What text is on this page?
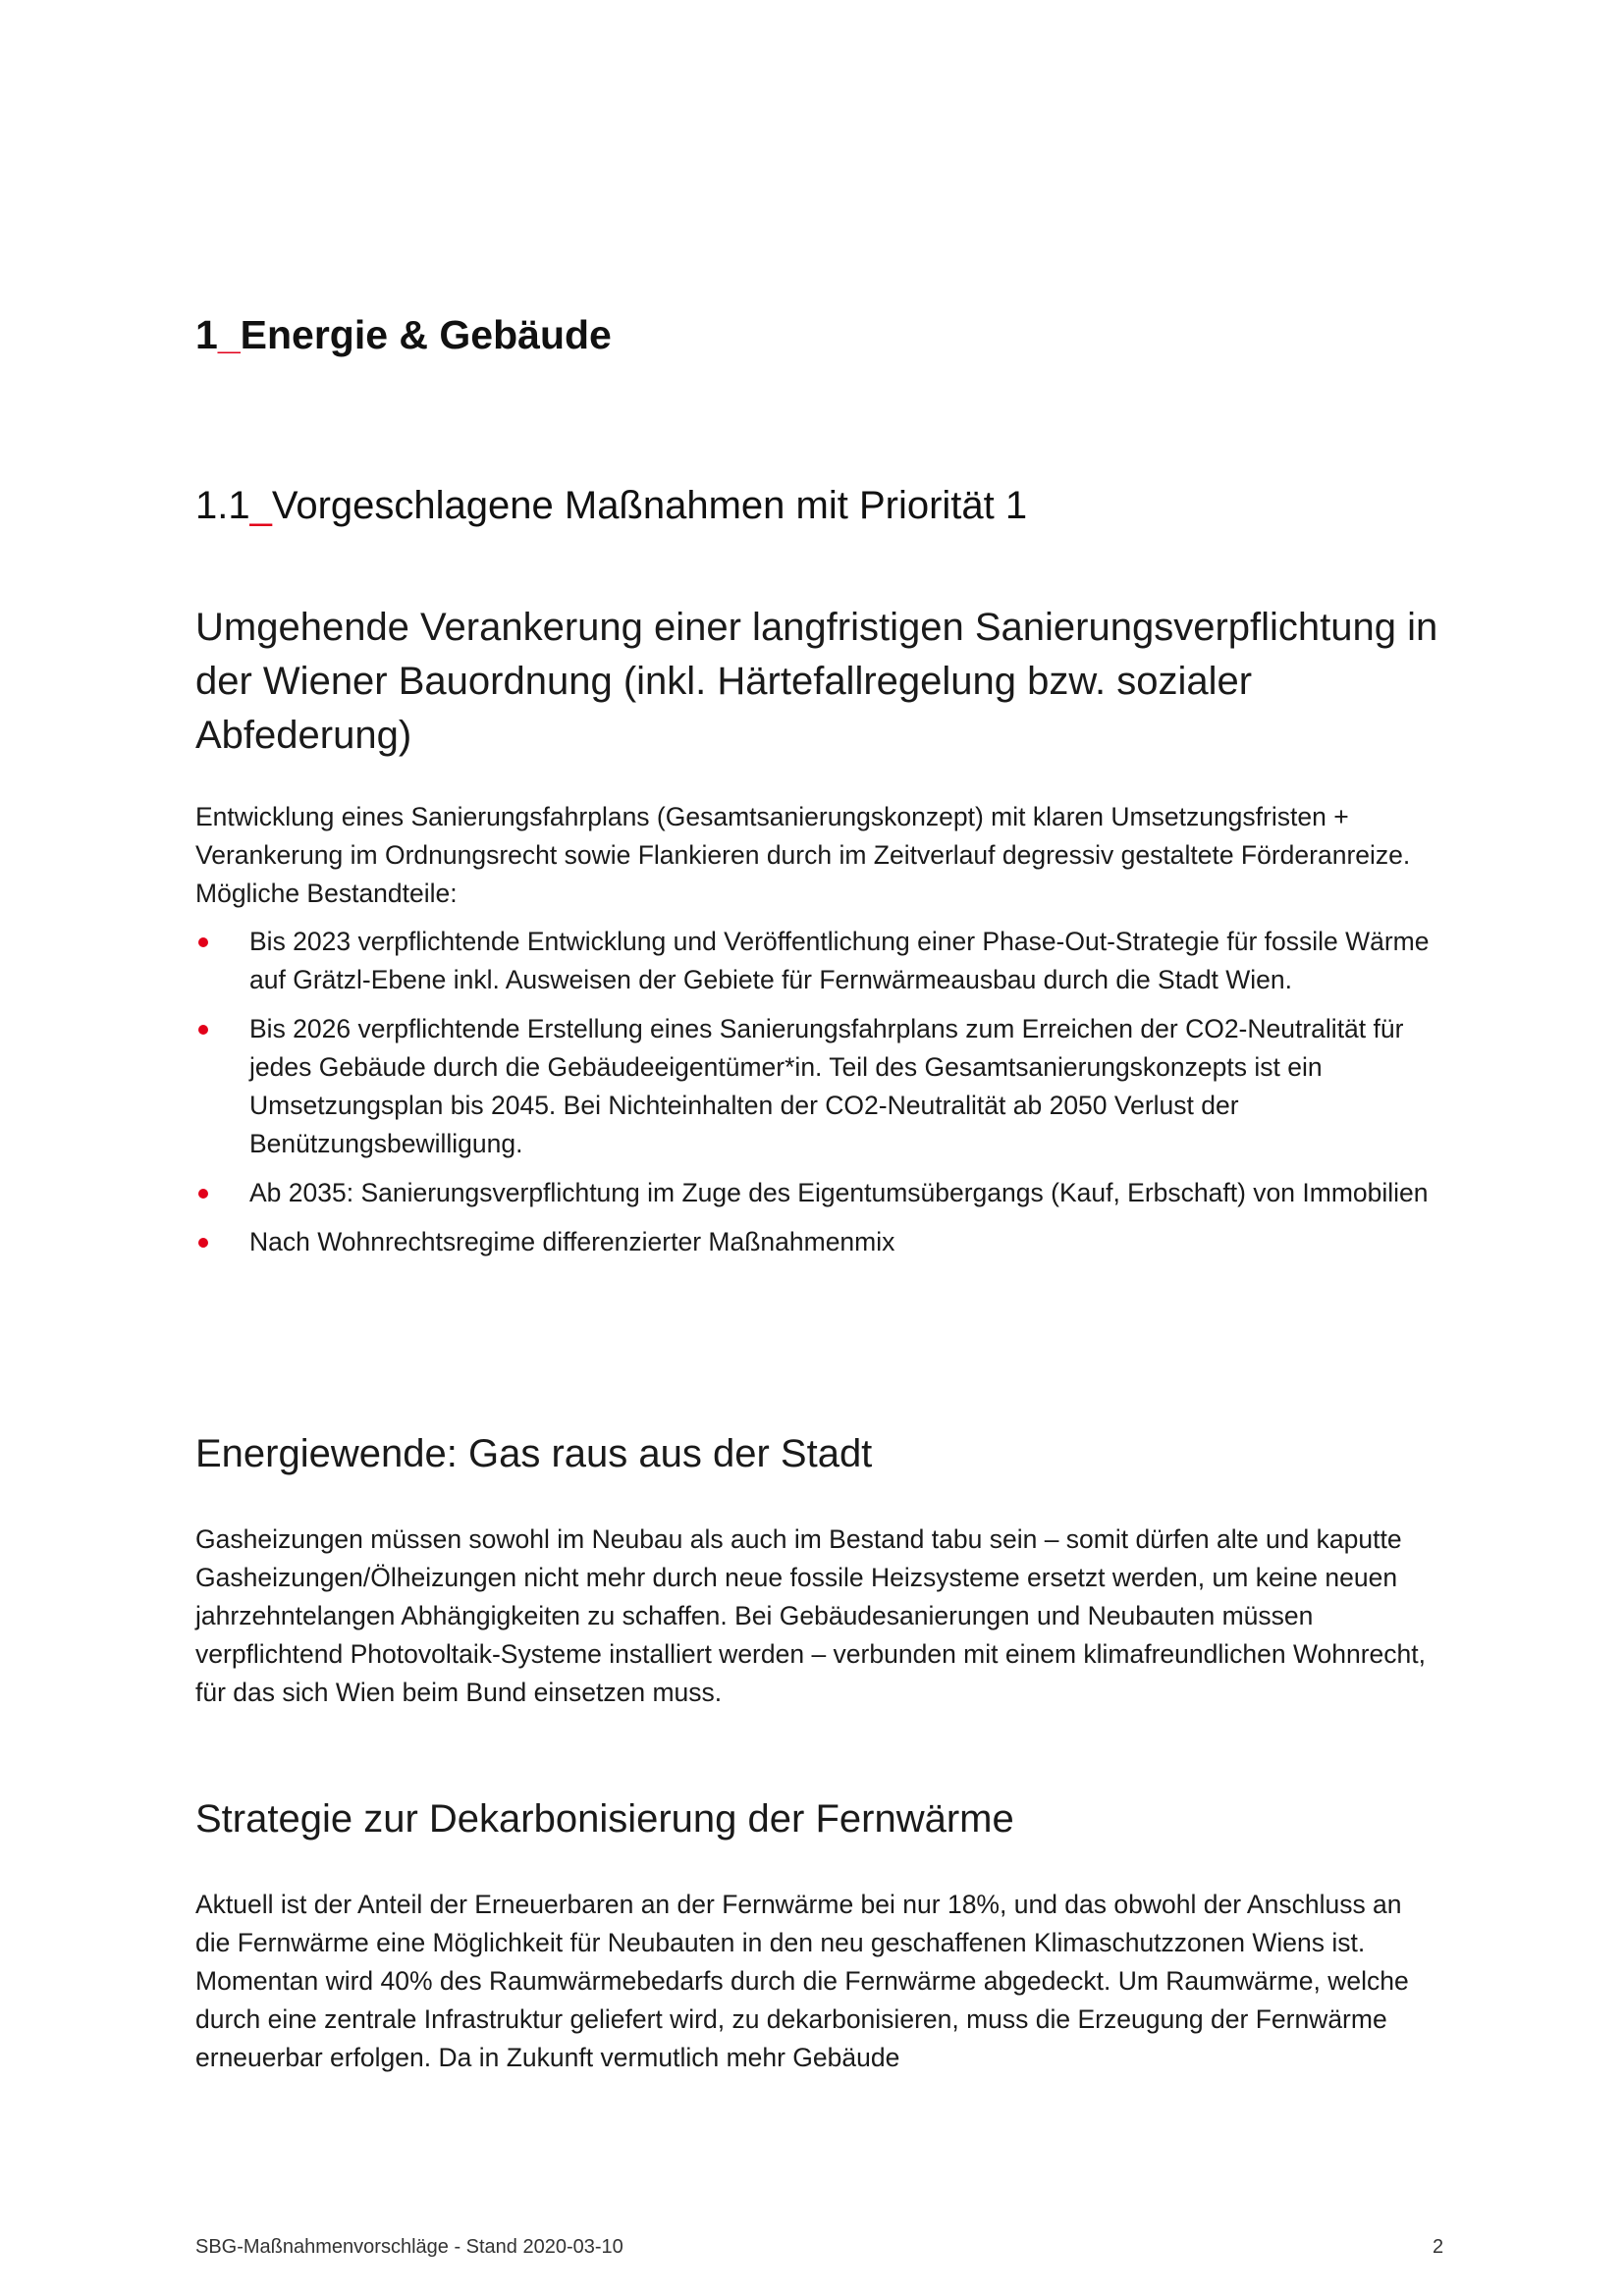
1_Energie & Gebäude
1.1_Vorgeschlagene Maßnahmen mit Priorität 1
Umgehende Verankerung einer langfristigen Sanierungsverpflichtung in der Wiener Bauordnung (inkl. Härtefallregelung bzw. sozialer Abfederung)

Entwicklung eines Sanierungsfahrplans (Gesamtsanierungskonzept) mit klaren Umsetzungsfristen + Verankerung im Ordnungsrecht sowie Flankieren durch im Zeitverlauf degressiv gestaltete Förderanreize. Mögliche Bestandteile:

Bis 2023 verpflichtende Entwicklung und Veröffentlichung einer Phase-Out-Strategie für fossile Wärme auf Grätzl-Ebene inkl. Ausweisen der Gebiete für Fernwärmeausbau durch die Stadt Wien.
Bis 2026 verpflichtende Erstellung eines Sanierungsfahrplans zum Erreichen der CO2-Neutralität für jedes Gebäude durch die Gebäudeeigentümer*in. Teil des Gesamtsanierungskonzepts ist ein Umsetzungsplan bis 2045. Bei Nichteinhalten der CO2-Neutralität ab 2050 Verlust der Benützungsbewilligung.
Ab 2035: Sanierungsverpflichtung im Zuge des Eigentumsübergangs (Kauf, Erbschaft) von Immobilien
Nach Wohnrechtsregime differenzierter Maßnahmenmix
Energiewende: Gas raus aus der Stadt

Gasheizungen müssen sowohl im Neubau als auch im Bestand tabu sein – somit dürfen alte und kaputte Gasheizungen/Ölheizungen nicht mehr durch neue fossile Heizsysteme ersetzt werden, um keine neuen jahrzehntelangen Abhängigkeiten zu schaffen. Bei Gebäudesanierungen und Neubauten müssen verpflichtend Photovoltaik-Systeme installiert werden – verbunden mit einem klimafreundlichen Wohnrecht, für das sich Wien beim Bund einsetzen muss.

Strategie zur Dekarbonisierung der Fernwärme

Aktuell ist der Anteil der Erneuerbaren an der Fernwärme bei nur 18%, und das obwohl der Anschluss an die Fernwärme eine Möglichkeit für Neubauten in den neu geschaffenen Klimaschutzzonen Wiens ist. Momentan wird 40% des Raumwärmebedarfs durch die Fernwärme abgedeckt. Um Raumwärme, welche durch eine zentrale Infrastruktur geliefert wird, zu dekarbonisieren, muss die Erzeugung der Fernwärme erneuerbar erfolgen. Da in Zukunft vermutlich mehr Gebäude

SBG-Maßnahmenvorschläge - Stand 2020-03-10	2
